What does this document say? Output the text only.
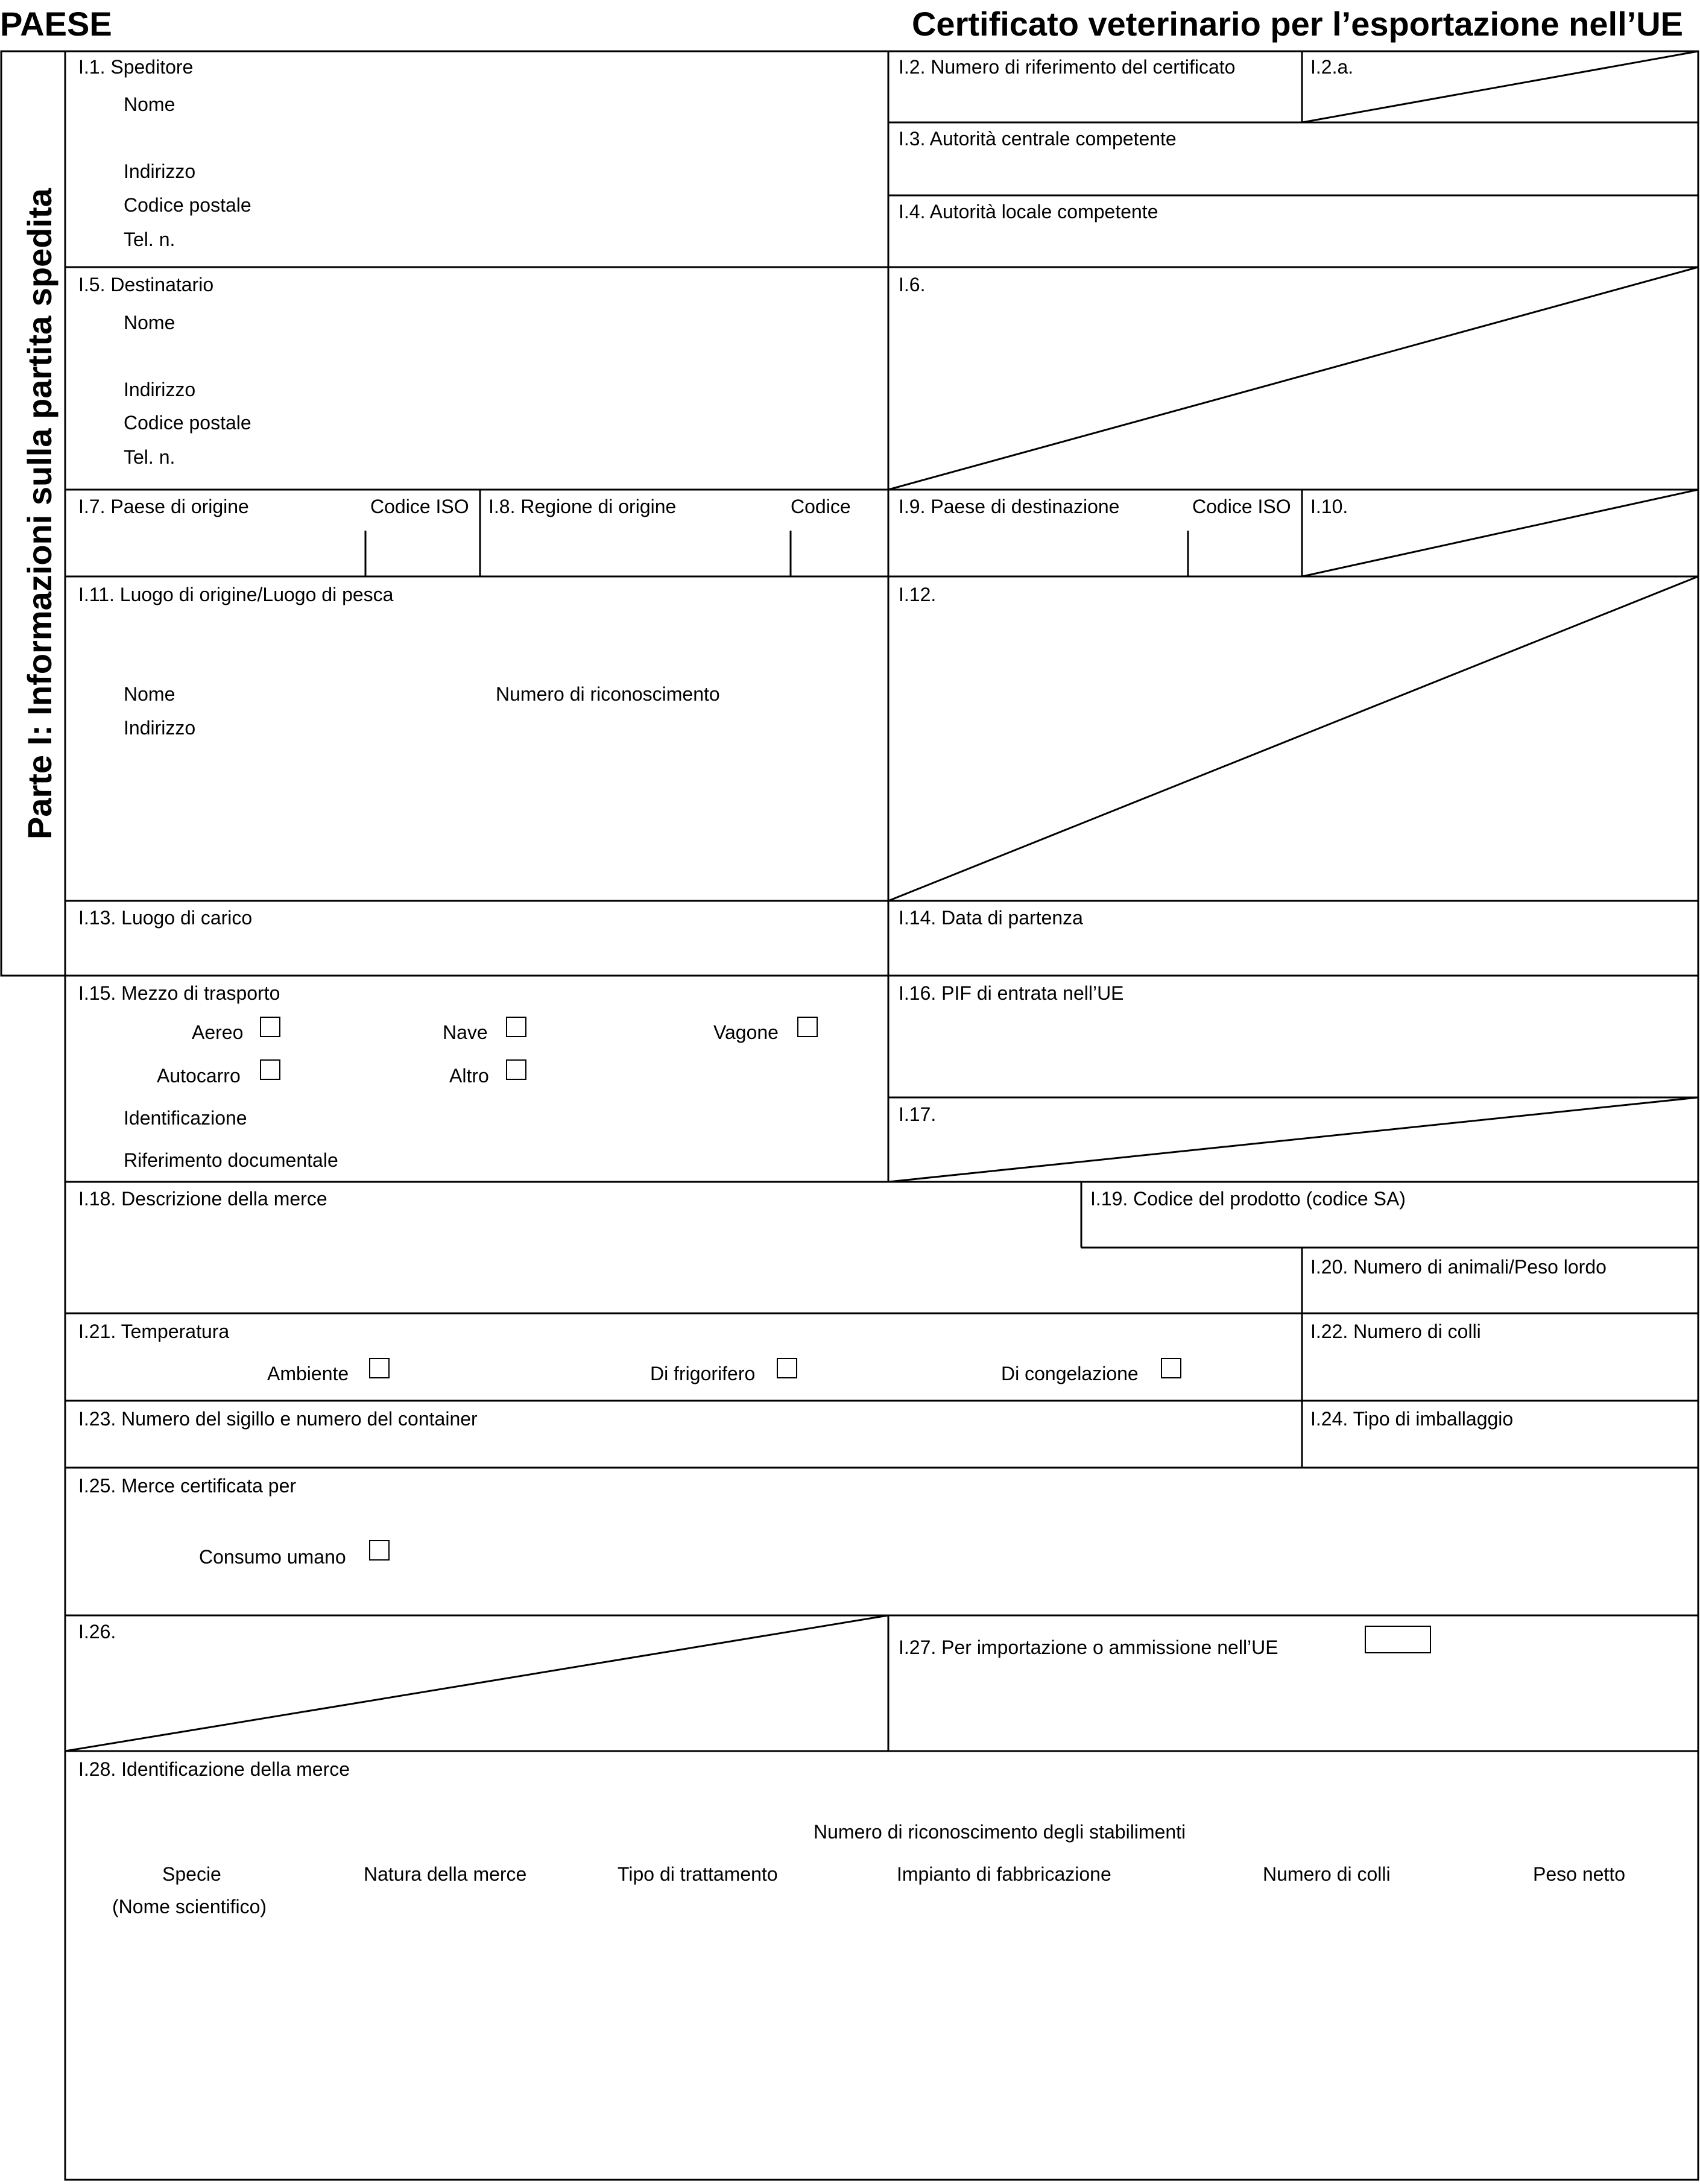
PAESE	Certificato veterinario per l’esportazione nell’UE
Parte I: Informazioni sulla partita spedita
I.1. Speditore
Nome
Indirizzo
Codice postale
Tel. n.
I.2. Numero di riferimento del certificato	I.2.a.
I.3. Autorità centrale competente
I.4. Autorità locale competente
I.5. Destinatario
Nome
Indirizzo
Codice postale
Tel. n.
I.6.
I.7. Paese di origine	Codice ISO I.8. Regione di origine	Codice I.9. Paese di destinazione	Codice ISO I.10.
I.11. Luogo di origine/Luogo di pesca
Nome	Numero di riconoscimento
Indirizzo
I.12.
I.13. Luogo di carico	I.14. Data di partenza
I.15. Mezzo di trasporto
Aereo	Nave	Vagone
Autocarro	Altro
Identificazione
Riferimento documentale
I.16. PIF di entrata nell’UE
I.17.
I.18. Descrizione della merce	I.19. Codice del prodotto (codice SA)
I.20. Numero di animali/Peso lordo
I.21. Temperatura
Ambiente	Di frigorifero	Di congelazione
I.22. Numero di colli
I.23. Numero del sigillo e numero del container	I.24. Tipo di imballaggio
I.25. Merce certificata per
Consumo umano
I.26.
I.27. Per importazione o ammissione nell’UE
I.28. Identificazione della merce
Numero di riconoscimento degli stabilimenti
Specie	Natura della merce	Tipo di trattamento	Impianto di fabbricazione	Numero di colli	Peso netto
(Nome scientifico)
